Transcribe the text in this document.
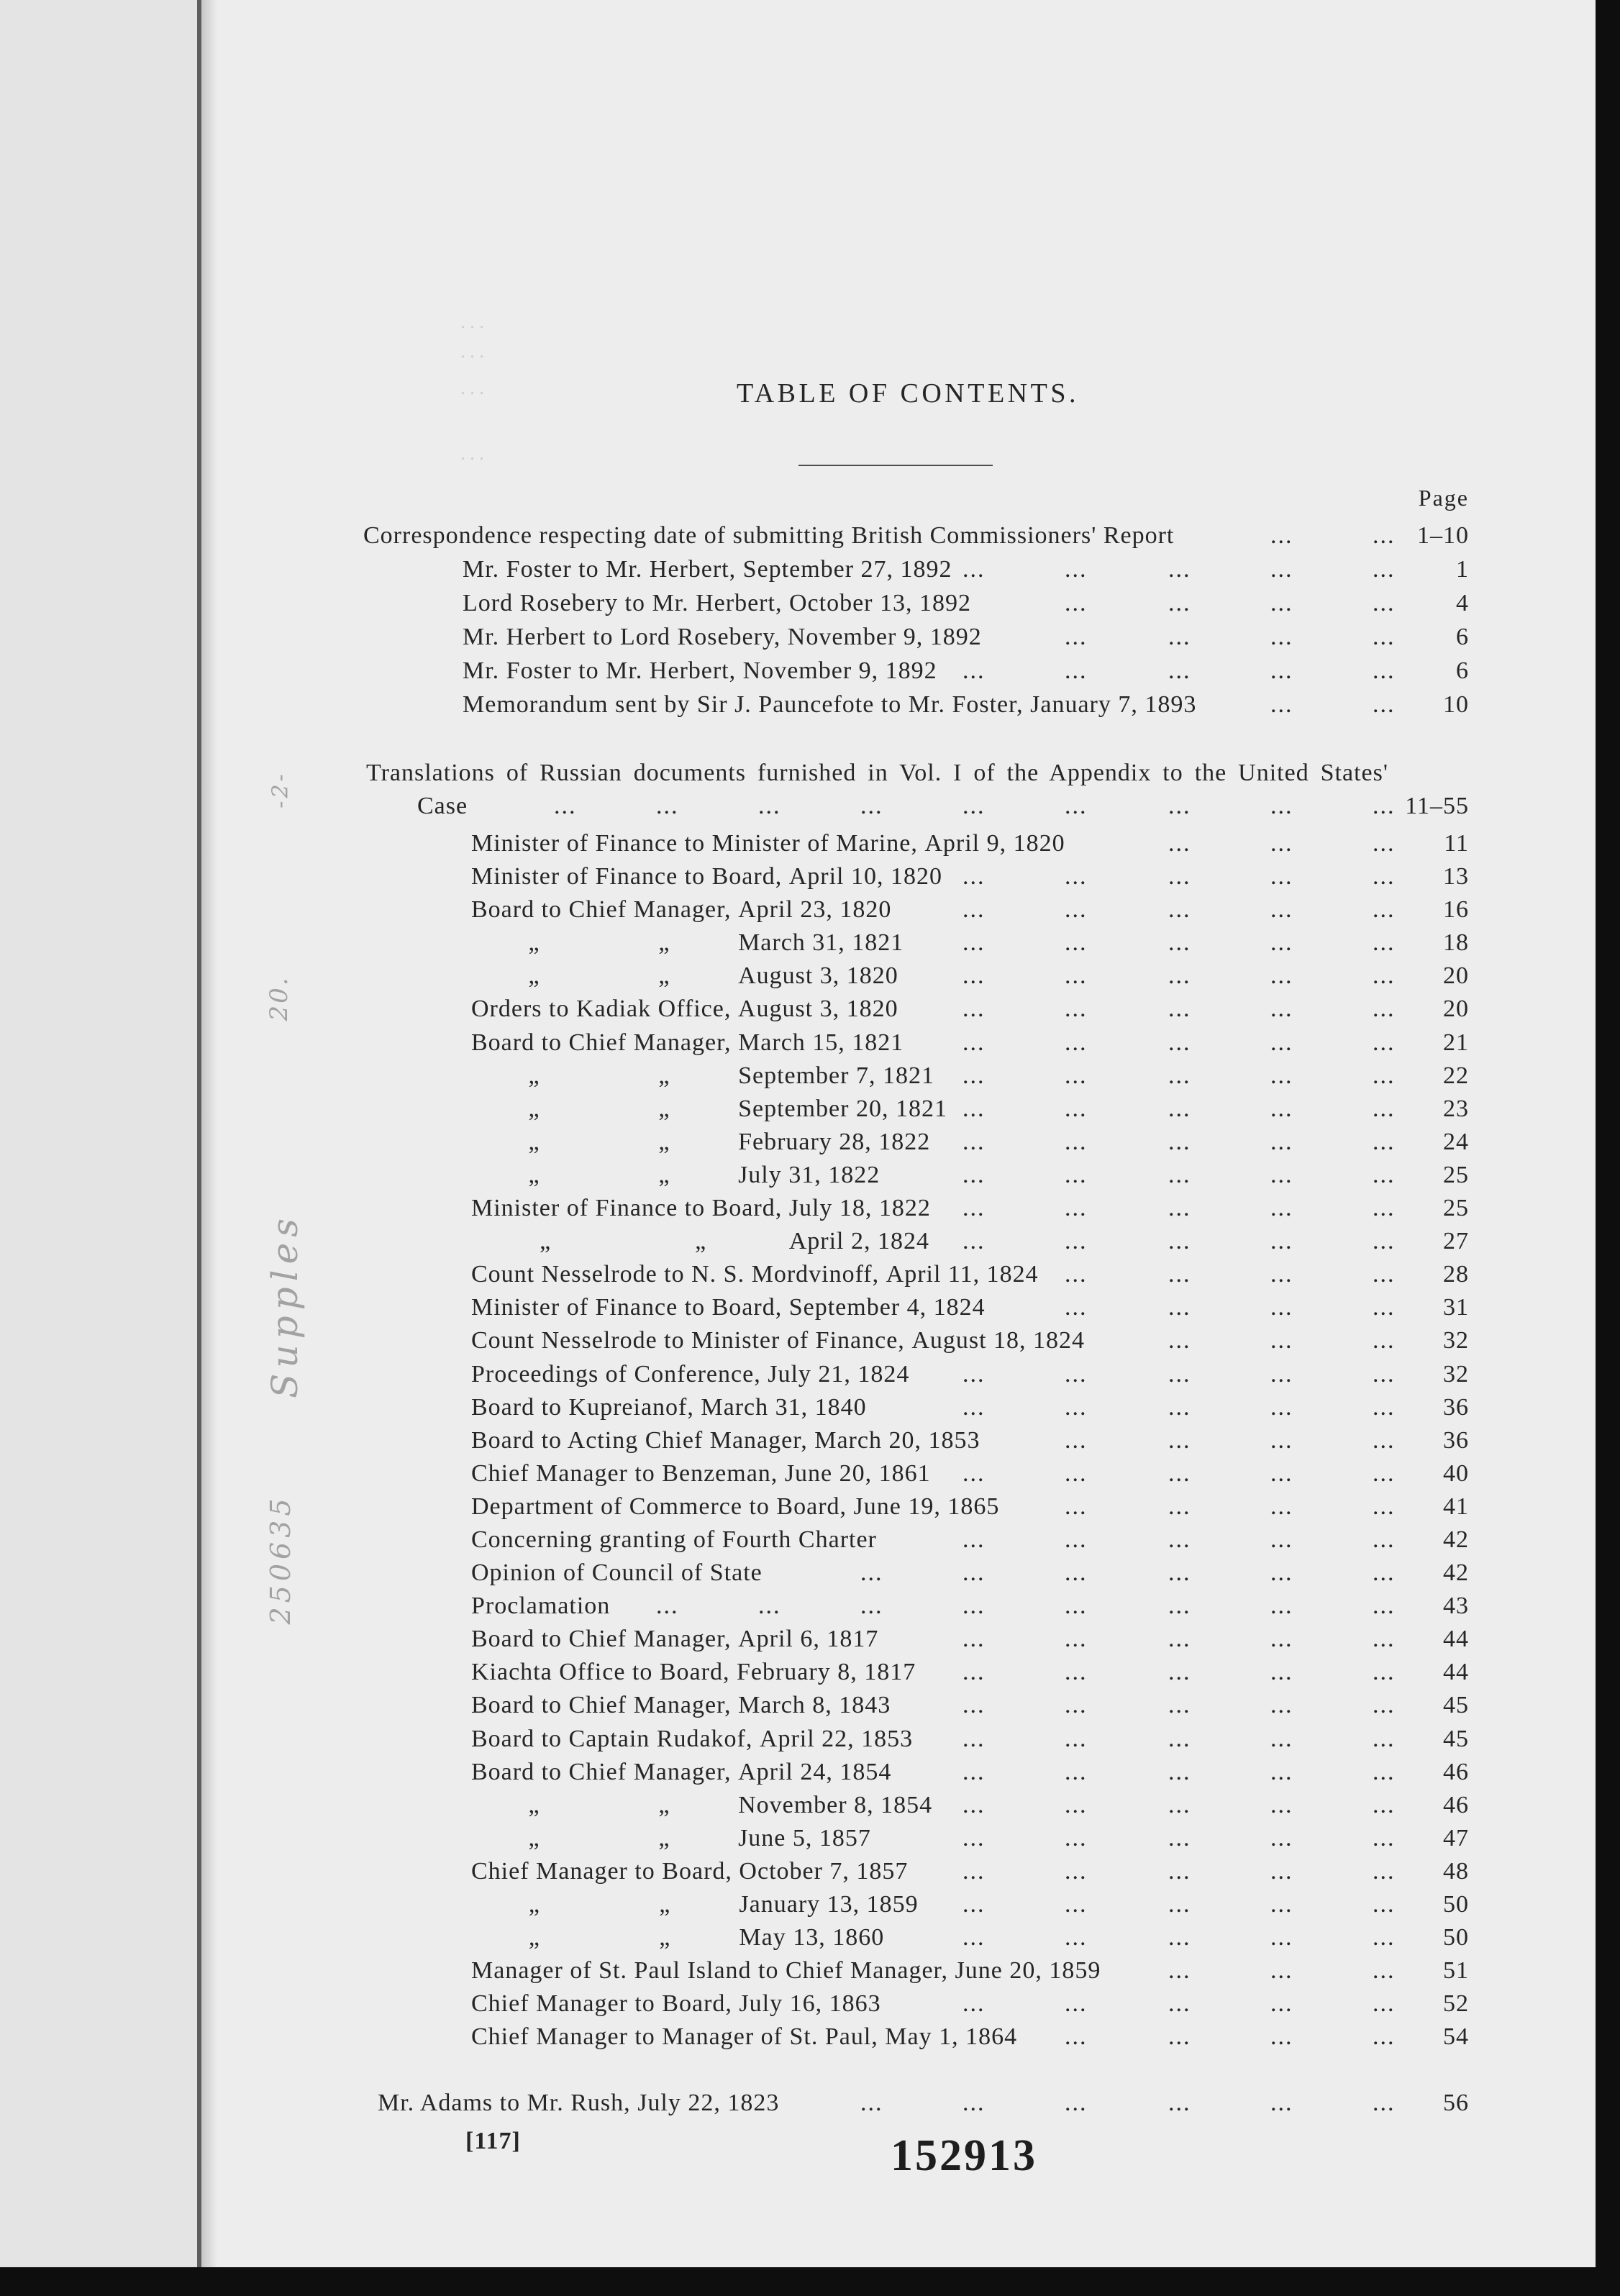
...
...
...
...
-2-
20.
Supples
250635
TABLE OF CONTENTS.
Page
Correspondence respecting date of submitting British Commissioners' Report	1–10
...	...
Mr. Foster to Mr. Herbert, September 27, 1892	1
...	...	...	...	...
Lord Rosebery to Mr. Herbert, October 13, 1892	4
...	...	...	...
Mr. Herbert to Lord Rosebery, November 9, 1892	6
...	...	...	...
Mr. Foster to Mr. Herbert, November 9, 1892	6
...	...	...	...	...
Memorandum sent by Sir J. Pauncefote to Mr. Foster, January 7, 1893	10
...	...
Translations of Russian documents furnished in Vol. I of the Appendix to the United States'
Case	11–55
...	...	...	...	...	...	...	...	...
Minister of Finance to Minister of Marine, April 9, 1820	11
...	...	...
Minister of Finance to Board, April 10, 1820	13
...	...	...	...	...
Board to Chief Manager, April 23, 1820	16
...	...	...	...	...
„	„	March 31, 1821	18
...	...	...	...	...
„	„	August 3, 1820	20
...	...	...	...	...
Orders to Kadiak Office, August 3, 1820	20
...	...	...	...	...
Board to Chief Manager, March 15, 1821	21
...	...	...	...	...
„	„	September 7, 1821	22
...	...	...	...	...
„	„	September 20, 1821	23
...	...	...	...	...
„	„	February 28, 1822	24
...	...	...	...	...
„	„	July 31, 1822	25
...	...	...	...	...
Minister of Finance to Board, July 18, 1822	25
...	...	...	...	...
„	„	April 2, 1824	27
...	...	...	...	...
Count Nesselrode to N. S. Mordvinoff, April 11, 1824	28
...	...	...	...
Minister of Finance to Board, September 4, 1824	31
...	...	...	...
Count Nesselrode to Minister of Finance, August 18, 1824	32
...	...	...
Proceedings of Conference, July 21, 1824	32
...	...	...	...	...
Board to Kupreianof, March 31, 1840	36
...	...	...	...	...
Board to Acting Chief Manager, March 20, 1853	36
...	...	...	...
Chief Manager to Benzeman, June 20, 1861	40
...	...	...	...	...
Department of Commerce to Board, June 19, 1865	41
...	...	...	...
Concerning granting of Fourth Charter	42
...	...	...	...	...
Opinion of Council of State	42
...	...	...	...	...	...
Proclamation	43
...	...	...	...	...	...	...	...
Board to Chief Manager, April 6, 1817	44
...	...	...	...	...
Kiachta Office to Board, February 8, 1817	44
...	...	...	...	...
Board to Chief Manager, March 8, 1843	45
...	...	...	...	...
Board to Captain Rudakof, April 22, 1853	45
...	...	...	...	...
Board to Chief Manager, April 24, 1854	46
...	...	...	...	...
„	„	November 8, 1854	46
...	...	...	...	...
„	„	June 5, 1857	47
...	...	...	...	...
Chief Manager to Board, October 7, 1857	48
...	...	...	...	...
„	„	January 13, 1859	50
...	...	...	...	...
„	„	May 13, 1860	50
...	...	...	...	...
Manager of St. Paul Island to Chief Manager, June 20, 1859	51
...	...	...
Chief Manager to Board, July 16, 1863	52
...	...	...	...	...
Chief Manager to Manager of St. Paul, May 1, 1864	54
...	...	...	...
Mr. Adams to Mr. Rush, July 22, 1823	56
...	...	...	...	...	...
[117]	152913
